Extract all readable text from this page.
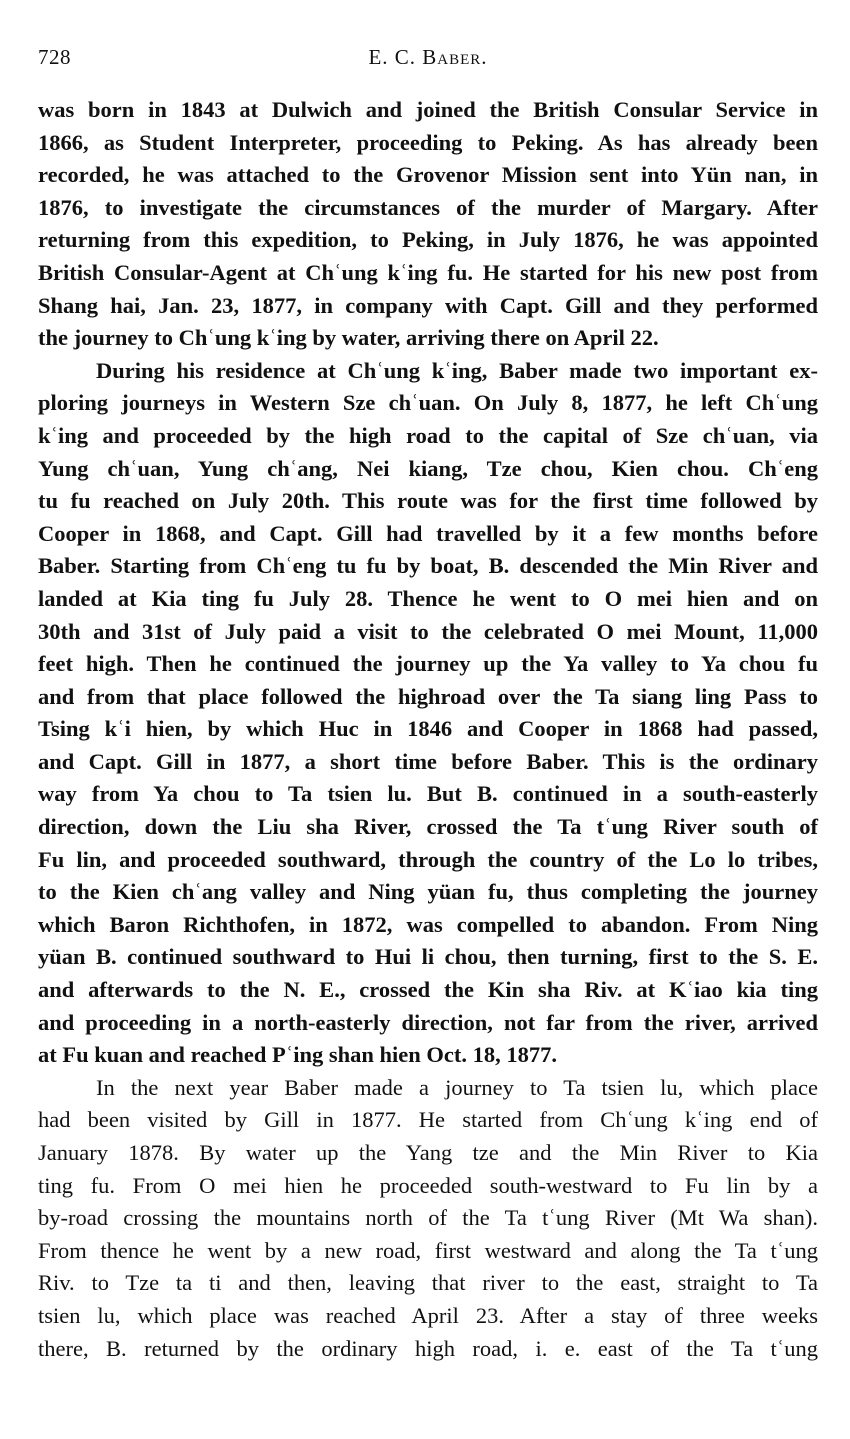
728	E. C. Baber.
was born in 1843 at Dulwich and joined the British Consular Service in
1866, as Student Interpreter, proceeding to Peking. As has already been
recorded, he was attached to the Grovenor Mission sent into Yün nan, in
1876, to investigate the circumstances of the murder of Margary. After
returning from this expedition, to Peking, in July 1876, he was appointed
British Consular-Agent at Chʿung kʿing fu. He started for his new post from
Shang hai, Jan. 23, 1877, in company with Capt. Gill and they performed
the journey to Chʿung kʿing by water, arriving there on April 22.
During his residence at Chʿung kʿing, Baber made two important ex-
ploring journeys in Western Sze chʿuan. On July 8, 1877, he left Chʿung
kʿing and proceeded by the high road to the capital of Sze chʿuan, via
Yung chʿuan, Yung chʿang, Nei kiang, Tze chou, Kien chou. Chʿeng
tu fu reached on July 20th. This route was for the first time followed by
Cooper in 1868, and Capt. Gill had travelled by it a few months before
Baber. Starting from Chʿeng tu fu by boat, B. descended the Min River and
landed at Kia ting fu July 28. Thence he went to O mei hien and on
30th and 31st of July paid a visit to the celebrated O mei Mount, 11,000
feet high. Then he continued the journey up the Ya valley to Ya chou fu
and from that place followed the highroad over the Ta siang ling Pass to
Tsing kʿi hien, by which Huc in 1846 and Cooper in 1868 had passed,
and Capt. Gill in 1877, a short time before Baber. This is the ordinary
way from Ya chou to Ta tsien lu. But B. continued in a south-easterly
direction, down the Liu sha River, crossed the Ta tʿung River south of
Fu lin, and proceeded southward, through the country of the Lo lo tribes,
to the Kien chʿang valley and Ning yüan fu, thus completing the journey
which Baron Richthofen, in 1872, was compelled to abandon. From Ning
yüan B. continued southward to Hui li chou, then turning, first to the S. E.
and afterwards to the N. E., crossed the Kin sha Riv. at Kʿiao kia ting
and proceeding in a north-easterly direction, not far from the river, arrived
at Fu kuan and reached Pʿing shan hien Oct. 18, 1877.
In the next year Baber made a journey to Ta tsien lu, which place
had been visited by Gill in 1877. He started from Chʿung kʿing end of
January 1878. By water up the Yang tze and the Min River to Kia
ting fu. From O mei hien he proceeded south-westward to Fu lin by a
by-road crossing the mountains north of the Ta tʿung River (Mt Wa shan).
From thence he went by a new road, first westward and along the Ta tʿung
Riv. to Tze ta ti and then, leaving that river to the east, straight to Ta
tsien lu, which place was reached April 23. After a stay of three weeks
there, B. returned by the ordinary high road, i. e. east of the Ta tʿung
